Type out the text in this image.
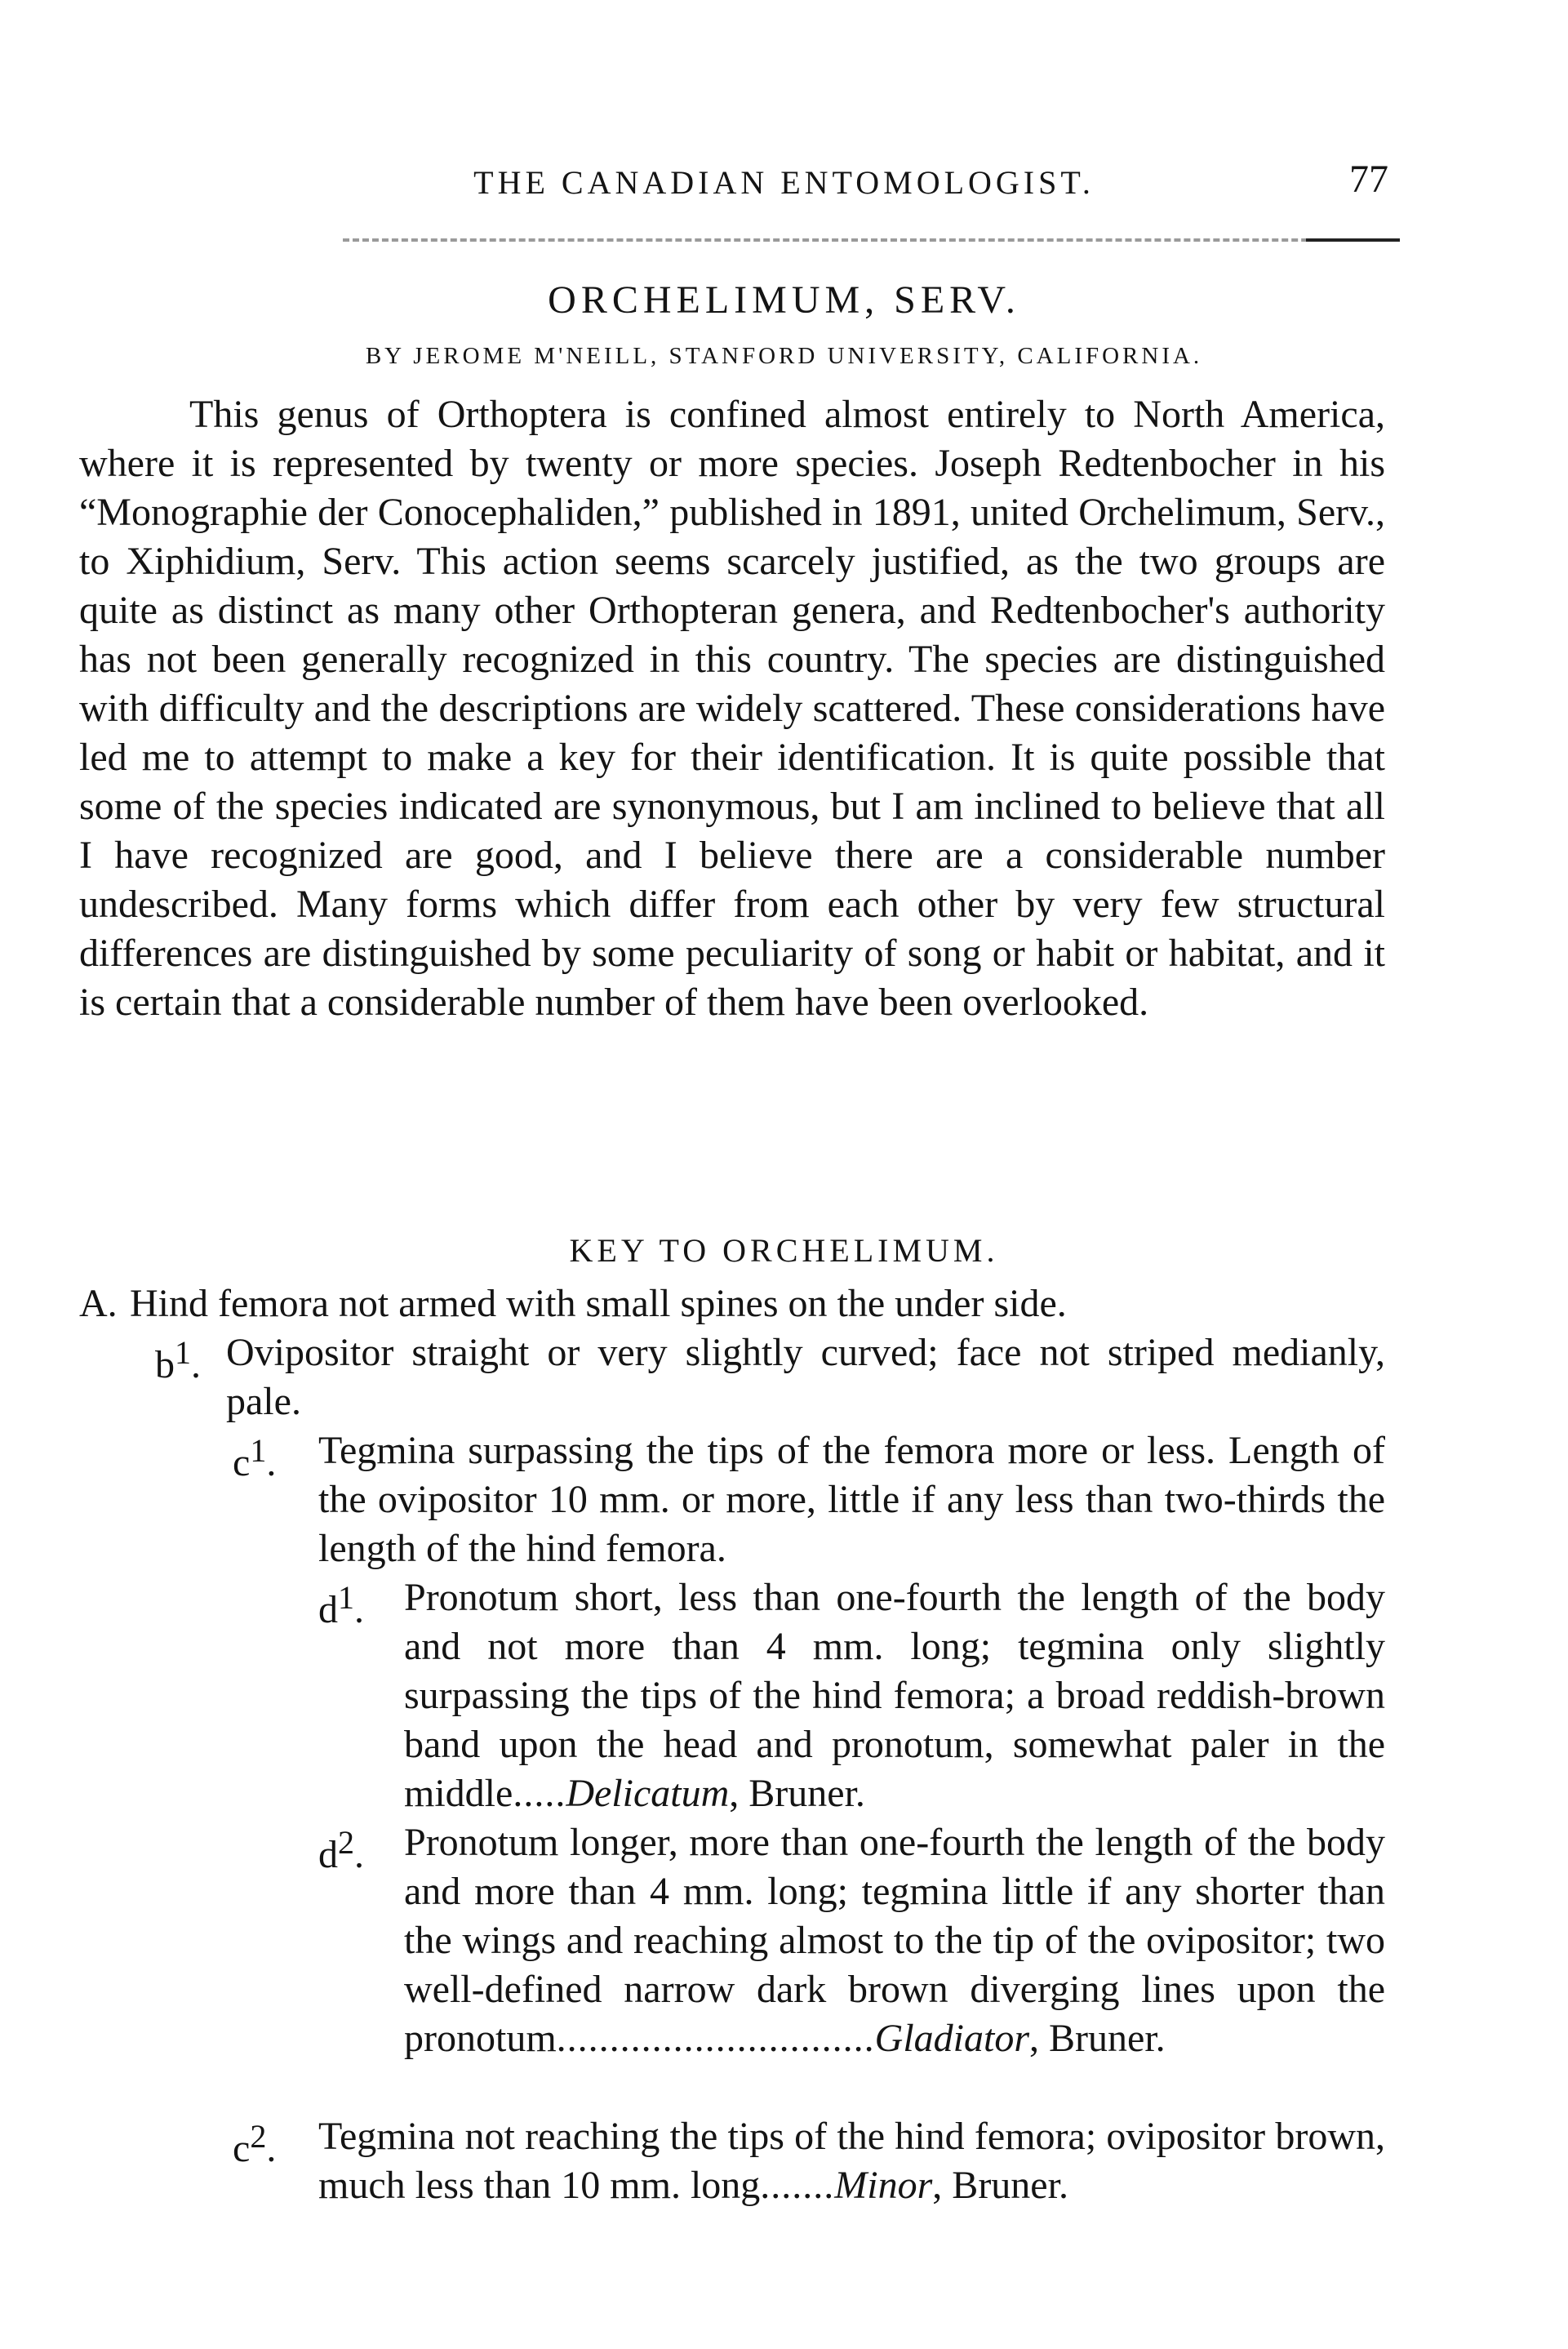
THE CANADIAN ENTOMOLOGIST.	77
ORCHELIMUM, SERV.
BY JEROME M'NEILL, STANFORD UNIVERSITY, CALIFORNIA.

This genus of Orthoptera is confined almost entirely to North America, where it is represented by twenty or more species. Joseph Redtenbocher in his “Monographie der Conocephaliden,” published in 1891, united Orchelimum, Serv., to Xiphidium, Serv. This action seems scarcely justified, as the two groups are quite as distinct as many other Orthopteran genera, and Redtenbocher's authority has not been generally recognized in this country. The species are distinguished with difficulty and the descriptions are widely scattered. These considerations have led me to attempt to make a key for their identification. It is quite possible that some of the species indicated are synonymous, but I am inclined to believe that all I have recognized are good, and I believe there are a considerable number undescribed. Many forms which differ from each other by very few structural differences are distinguished by some peculiarity of song or habit or habitat, and it is certain that a considerable number of them have been overlooked.

KEY TO ORCHELIMUM.
A. Hind femora not armed with small spines on the under side.
$b^1$. Ovipositor straight or very slightly curved; face not striped medianly, pale.
$c^1$. Tegmina surpassing the tips of the femora more or less. Length of the ovipositor 10 mm. or more, little if any less than two-thirds the length of the hind femora.
$d^1$. Pronotum short, less than one-fourth the length of the body and not more than 4 mm. long; tegmina only slightly surpassing the tips of the hind femora; a broad reddish-brown band upon the head and pronotum, somewhat paler in the middle.....Delicatum, Bruner.
$d^2$. Pronotum longer, more than one-fourth the length of the body and more than 4 mm. long; tegmina little if any shorter than the wings and reaching almost to the tip of the ovipositor; two well-defined narrow dark brown diverging lines upon the pronotum..............................Gladiator, Bruner.
$c^2$. Tegmina not reaching the tips of the hind femora; ovipositor brown, much less than 10 mm. long.......Minor, Bruner.
